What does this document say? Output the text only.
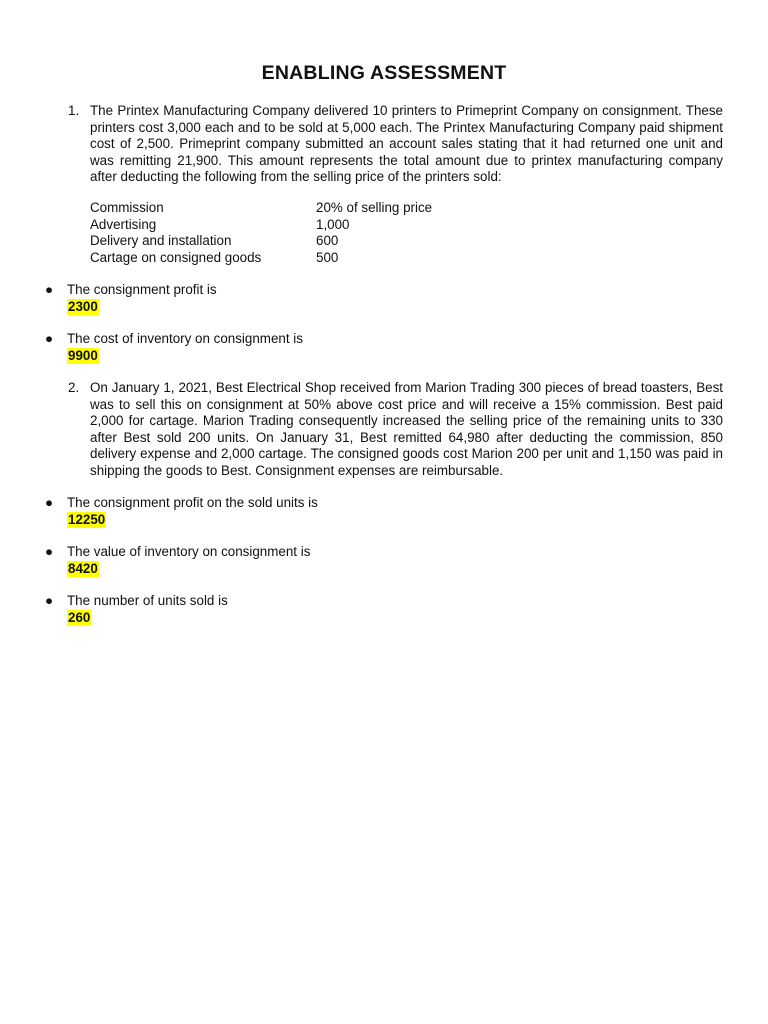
ENABLING ASSESSMENT
1. The Printex Manufacturing Company delivered 10 printers to Primeprint Company on consignment. These printers cost 3,000 each and to be sold at 5,000 each. The Printex Manufacturing Company paid shipment cost of 2,500. Primeprint company submitted an account sales stating that it had returned one unit and was remitting 21,900. This amount represents the total amount due to printex manufacturing company after deducting the following from the selling price of the printers sold:
Commission	20% of selling price
Advertising	1,000
Delivery and installation	600
Cartage on consigned goods	500
● The consignment profit is
2300
● The cost of inventory on consignment is
9900
2. On January 1, 2021, Best Electrical Shop received from Marion Trading 300 pieces of bread toasters, Best was to sell this on consignment at 50% above cost price and will receive a 15% commission. Best paid 2,000 for cartage. Marion Trading consequently increased the selling price of the remaining units to 330 after Best sold 200 units. On January 31, Best remitted 64,980 after deducting the commission, 850 delivery expense and 2,000 cartage. The consigned goods cost Marion 200 per unit and 1,150 was paid in shipping the goods to Best. Consignment expenses are reimbursable.
● The consignment profit on the sold units is
12250
● The value of inventory on consignment is
8420
● The number of units sold is
260
